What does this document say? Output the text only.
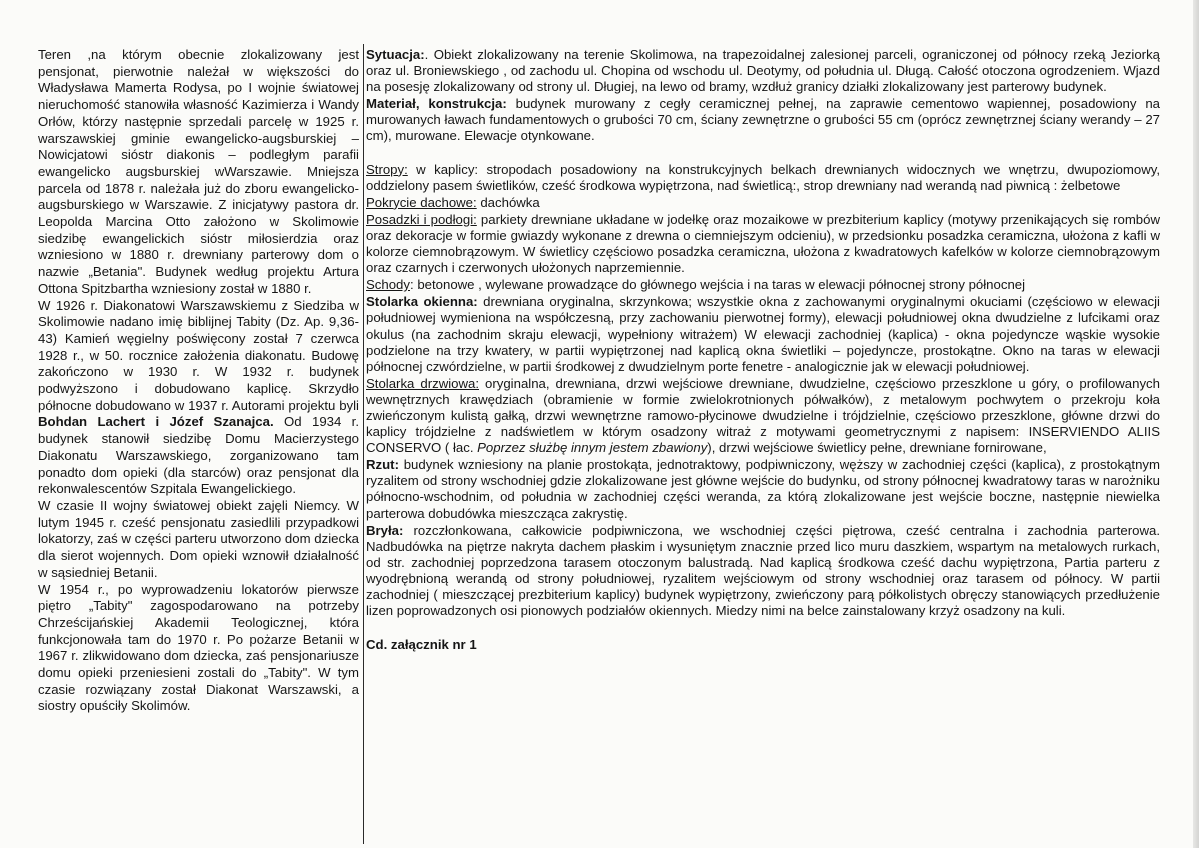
Teren ,na którym obecnie zlokalizowany jest pensjonat, pierwotnie należał w większości do Władysława Mamerta Rodysa, po I wojnie światowej nieruchomość stanowiła własność Kazimierza i Wandy Orłów, którzy następnie sprzedali parcelę w 1925 r. warszawskiej gminie ewangelicko-augsburskiej – Nowicjatowi sióstr diakonis – podległym parafii ewangelicko augsburskiej wWarszawie. Mniejsza parcela od 1878 r. należała już do zboru ewangelicko-augsburskiego w Warszawie. Z inicjatywy pastora dr. Leopolda Marcina Otto założono w Skolimowie siedzibę ewangelickich sióstr miłosierdzia oraz wzniesiono w 1880 r. drewniany parterowy dom o nazwie „Betania". Budynek według projektu Artura Ottona Spitzbartha wzniesiony został w 1880 r.

W 1926 r. Diakonatowi Warszawskiemu z Siedziba w Skolimowie nadano imię biblijnej Tabity (Dz. Ap. 9,36-43) Kamień węgielny poświęcony został 7 czerwca 1928 r., w 50. rocznice założenia diakonatu. Budowę zakończono w 1930 r. W 1932 r. budynek podwyższono i dobudowano kaplicę. Skrzydło północne dobudowano w 1937 r. Autorami projektu byli Bohdan Lachert i Józef Szanajca. Od 1934 r. budynek stanowił siedzibę Domu Macierzystego Diakonatu Warszawskiego, zorganizowano tam ponadto dom opieki (dla starców) oraz pensjonat dla rekonwalescentów Szpitala Ewangelickiego.

W czasie II wojny światowej obiekt zajęli Niemcy. W lutym 1945 r. cześć pensjonatu zasiedlili przypadkowi lokatorzy, zaś w części parteru utworzono dom dziecka dla sierot wojennych. Dom opieki wznowił działalność w sąsiedniej Betanii.

W 1954 r., po wyprowadzeniu lokatorów pierwsze piętro „Tabity" zagospodarowano na potrzeby Chrześcijańskiej Akademii Teologicznej, która funkcjonowała tam do 1970 r. Po pożarze Betanii w 1967 r. zlikwidowano dom dziecka, zaś pensjonariusze domu opieki przeniesieni zostali do „Tabity". W tym czasie rozwiązany został Diakonat Warszawski, a siostry opuściły Skolimów.

Sytuacja:. Obiekt zlokalizowany na terenie Skolimowa, na trapezoidalnej zalesionej parceli, ograniczonej od północy rzeką Jeziorką oraz ul. Broniewskiego , od zachodu ul. Chopina od wschodu ul. Deotymy, od południa ul. Długą. Całość otoczona ogrodzeniem. Wjazd na posesję zlokalizowany od strony ul. Długiej, na lewo od bramy, wzdłuż granicy działki zlokalizowany jest parterowy budynek.

Materiał, konstrukcja: budynek murowany z cegły ceramicznej pełnej, na zaprawie cementowo wapiennej, posadowiony na murowanych ławach fundamentowych o grubości 70 cm, ściany zewnętrzne o grubości 55 cm (oprócz zewnętrznej ściany werandy – 27 cm), murowane. Elewacje otynkowane.

Stropy: w kaplicy: stropodach posadowiony na konstrukcyjnych belkach drewnianych widocznych we wnętrzu, dwupoziomowy, oddzielony pasem świetlików, cześć środkowa wypiętrzona, nad świetlicą:, strop drewniany nad werandą nad piwnicą : żelbetowe

Pokrycie dachowe: dachówka

Posadzki i podłogi: parkiety drewniane układane w jodełkę oraz mozaikowe w prezbiterium kaplicy (motywy przenikających się rombów oraz dekoracje w formie gwiazdy wykonane z drewna o ciemniejszym odcieniu), w przedsionku posadzka ceramiczna, ułożona z kafli w kolorze ciemnobrązowym. W świetlicy częściowo posadzka ceramiczna, ułożona z kwadratowych kafelków w kolorze ciemnobrązowym oraz czarnych i czerwonych ułożonych naprzemiennie.

Schody: betonowe , wylewane prowadzące do głównego wejścia i na taras w elewacji północnej strony północnej

Stolarka okienna: drewniana oryginalna, skrzynkowa; wszystkie okna z zachowanymi oryginalnymi okuciami (częściowo w elewacji południowej wymieniona na współczesną, przy zachowaniu pierwotnej formy), elewacji południowej okna dwudzielne z lufcikami oraz okulus (na zachodnim skraju elewacji, wypełniony witrażem) W elewacji zachodniej (kaplica) - okna pojedyncze wąskie wysokie podzielone na trzy kwatery, w partii wypiętrzonej nad kaplicą okna świetliki – pojedyncze, prostokątne. Okno na taras w elewacji północnej czwórdzielne, w partii środkowej z dwudzielnym porte fenetre - analogicznie jak w elewacji południowej.

Stolarka drzwiowa: oryginalna, drewniana, drzwi wejściowe drewniane, dwudzielne, częściowo przeszklone u góry, o profilowanych wewnętrznych krawędziach (obramienie w formie zwielokrotnionych półwałków), z metalowym pochwytem o przekroju koła zwieńczonym kulistą gałką, drzwi wewnętrzne ramowo-płycinowe dwudzielne i trójdzielnie, częściowo przeszklone, główne drzwi do kaplicy trójdzielne z nadświetlem w którym osadzony witraż z motywami geometrycznymi z napisem: INSERVIENDO ALIIS CONSERVO ( łac. Poprzez służbę innym jestem zbawiony), drzwi wejściowe świetlicy pełne, drewniane fornirowane,

Rzut: budynek wzniesiony na planie prostokąta, jednotraktowy, podpiwniczony, węższy w zachodniej części (kaplica), z prostokątnym ryzalitem od strony wschodniej gdzie zlokalizowane jest główne wejście do budynku, od strony północnej kwadratowy taras w narożniku północno-wschodnim, od południa w zachodniej części weranda, za którą zlokalizowane jest wejście boczne, następnie niewielka parterowa dobudówka mieszcząca zakrystię.

Bryła: rozczłonkowana, całkowicie podpiwniczona, we wschodniej części piętrowa, cześć centralna i zachodnia parterowa. Nadbudówka na piętrze nakryta dachem płaskim i wysuniętym znacznie przed lico muru daszkiem, wspartym na metalowych rurkach, od str. zachodniej poprzedzona tarasem otoczonym balustradą. Nad kaplicą środkowa cześć dachu wypiętrzona, Partia parteru z wyodrębnioną werandą od strony południowej, ryzalitem wejściowym od strony wschodniej oraz tarasem od północy. W partii zachodniej ( mieszczącej prezbiterium kaplicy) budynek wypiętrzony, zwieńczony parą półkolistych obręczy stanowiących przedłużenie lizen poprowadzonych osi pionowych podziałów okiennych. Miedzy nimi na belce zainstalowany krzyż osadzony na kuli.

Cd. załącznik nr 1
